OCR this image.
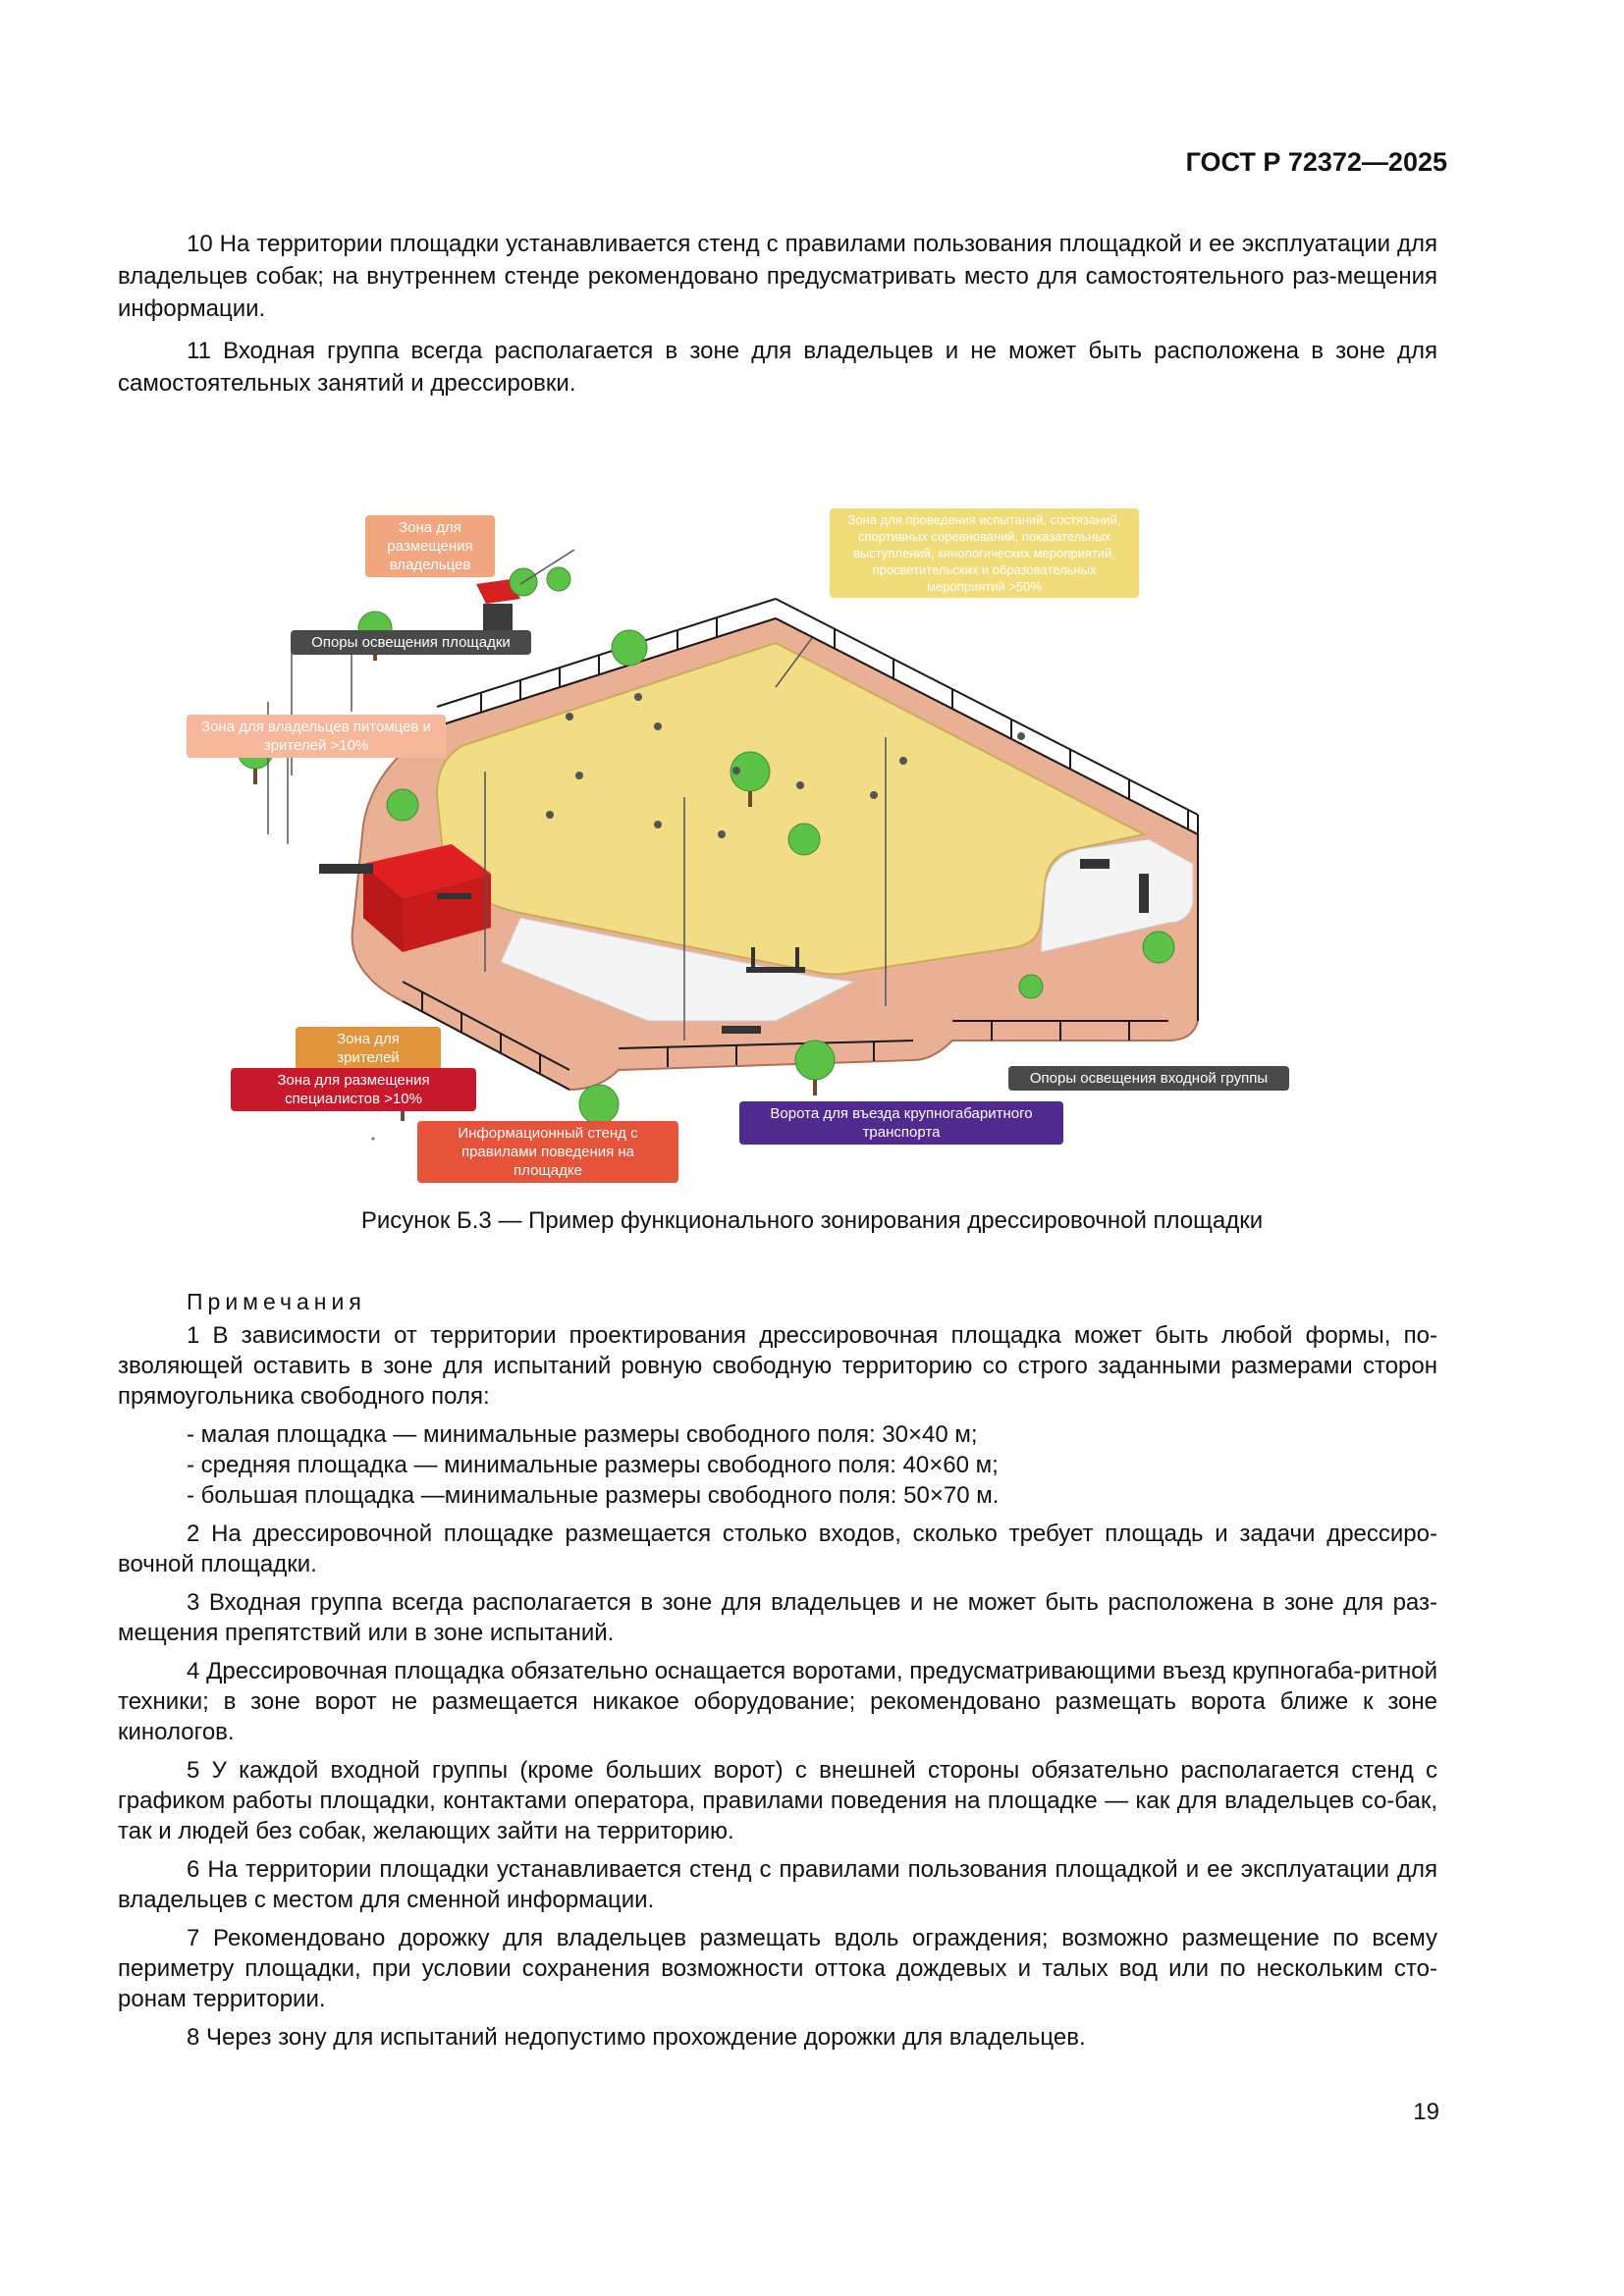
ГОСТ Р 72372—2025

10 На территории площадки устанавливается стенд с правилами пользования площадкой и ее эксплуатации для владельцев собак; на внутреннем стенде рекомендовано предусматривать место для самостоятельного раз-мещения информации.

11 Входная группа всегда располагается в зоне для владельцев и не может быть расположена в зоне для самостоятельных занятий и дрессировки.

Зона для размещения владельцев
Зона для проведения испытаний, состязаний, спортивных соревнований, показательных выступлений, кинологических мероприятий, просветительских и образовательных мероприятий >50%
Опоры освещения площадки
Зона для владельцев питомцев и зрителей >10%
Зона для зрителей
Зона для размещения специалистов >10%
Информационный стенд с правилами поведения на площадке
Ворота для въезда крупногабаритного транспорта
Опоры освещения входной группы
Рисунок Б.3 — Пример функционального зонирования дрессировочной площадки
Примечания

1 В зависимости от территории проектирования дрессировочная площадка может быть любой формы, по-зволяющей оставить в зоне для испытаний ровную свободную территорию со строго заданными размерами сторон прямоугольника свободного поля:

- малая площадка — минимальные размеры свободного поля: 30×40 м;
- средняя площадка — минимальные размеры свободного поля: 40×60 м;
- большая площадка —минимальные размеры свободного поля: 50×70 м.

2 На дрессировочной площадке размещается столько входов, сколько требует площадь и задачи дрессиро-вочной площадки.

3 Входная группа всегда располагается в зоне для владельцев и не может быть расположена в зоне для раз-мещения препятствий или в зоне испытаний.

4 Дрессировочная площадка обязательно оснащается воротами, предусматривающими въезд крупногаба-ритной техники; в зоне ворот не размещается никакое оборудование; рекомендовано размещать ворота ближе к зоне кинологов.

5 У каждой входной группы (кроме больших ворот) с внешней стороны обязательно располагается стенд с графиком работы площадки, контактами оператора, правилами поведения на площадке — как для владельцев со-бак, так и людей без собак, желающих зайти на территорию.

6 На территории площадки устанавливается стенд с правилами пользования площадкой и ее эксплуатации для владельцев с местом для сменной информации.

7 Рекомендовано дорожку для владельцев размещать вдоль ограждения; возможно размещение по всему периметру площадки, при условии сохранения возможности оттока дождевых и талых вод или по нескольким сто-ронам территории.

8 Через зону для испытаний недопустимо прохождение дорожки для владельцев.

19
